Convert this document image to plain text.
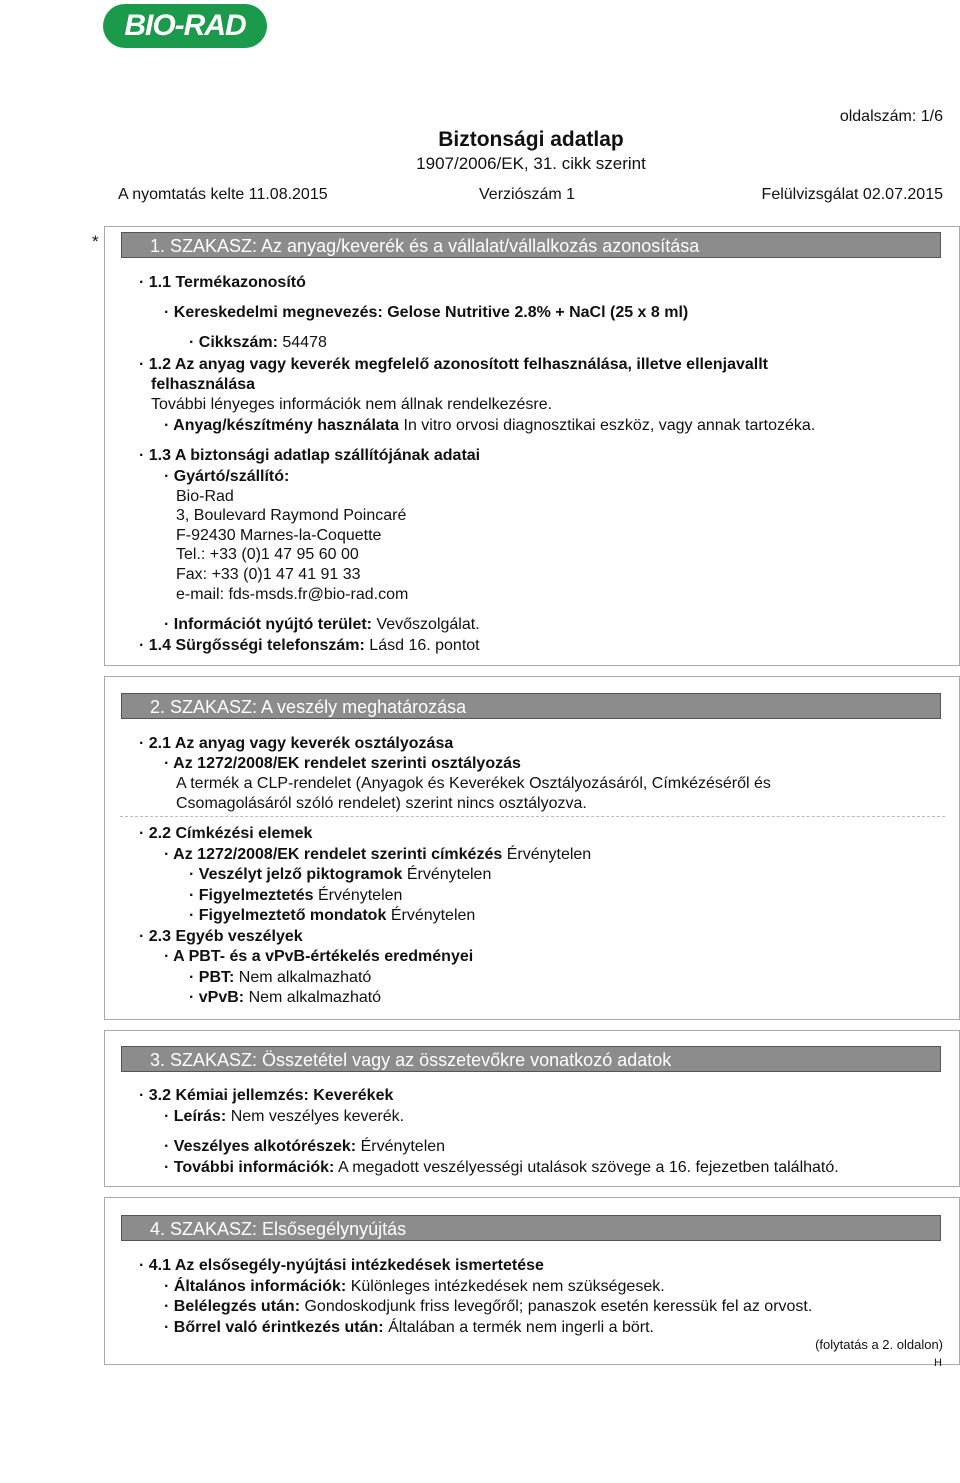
BIO-RAD
oldalszám: 1/6
Biztonsági adatlap
1907/2006/EK, 31. cikk szerint
A nyomtatás kelte 11.08.2015	Verziószám 1	Felülvizsgálat 02.07.2015
*	1. SZAKASZ: Az anyag/keverék és a vállalat/vállalkozás azonosítása
· 1.1 Termékazonosító
· Kereskedelmi megnevezés: Gelose Nutritive 2.8% + NaCl (25 x 8 ml)
· Cikkszám: 54478
· 1.2 Az anyag vagy keverék megfelelő azonosított felhasználása, illetve ellenjavallt
felhasználása
További lényeges információk nem állnak rendelkezésre.
· Anyag/készítmény használata In vitro orvosi diagnosztikai eszköz, vagy annak tartozéka.
· 1.3 A biztonsági adatlap szállítójának adatai
· Gyártó/szállító:
Bio-Rad
3, Boulevard Raymond Poincaré
F-92430 Marnes-la-Coquette
Tel.: +33 (0)1 47 95 60 00
Fax: +33 (0)1 47 41 91 33
e-mail: fds-msds.fr@bio-rad.com
· Információt nyújtó terület: Vevőszolgálat.
· 1.4 Sürgősségi telefonszám: Lásd 16. pontot
2. SZAKASZ: A veszély meghatározása
· 2.1 Az anyag vagy keverék osztályozása
· Az 1272/2008/EK rendelet szerinti osztályozás
A termék a CLP-rendelet (Anyagok és Keverékek Osztályozásáról, Címkézéséről és
Csomagolásáról szóló rendelet) szerint nincs osztályozva.
· 2.2 Címkézési elemek
· Az 1272/2008/EK rendelet szerinti címkézés Érvénytelen
· Veszélyt jelző piktogramok Érvénytelen
· Figyelmeztetés Érvénytelen
· Figyelmeztető mondatok Érvénytelen
· 2.3 Egyéb veszélyek
· A PBT- és a vPvB-értékelés eredményei
· PBT: Nem alkalmazható
· vPvB: Nem alkalmazható
3. SZAKASZ: Összetétel vagy az összetevőkre vonatkozó adatok
· 3.2 Kémiai jellemzés: Keverékek
· Leírás: Nem veszélyes keverék.
· Veszélyes alkotórészek: Érvénytelen
· További információk: A megadott veszélyességi utalások szövege a 16. fejezetben található.
4. SZAKASZ: Elsősegélynyújtás
· 4.1 Az elsősegély-nyújtási intézkedések ismertetése
· Általános információk: Különleges intézkedések nem szükségesek.
· Belélegzés után: Gondoskodjunk friss levegőről; panaszok esetén keressük fel az orvost.
· Bőrrel való érintkezés után: Általában a termék nem ingerli a bört.
(folytatás a 2. oldalon)
H
